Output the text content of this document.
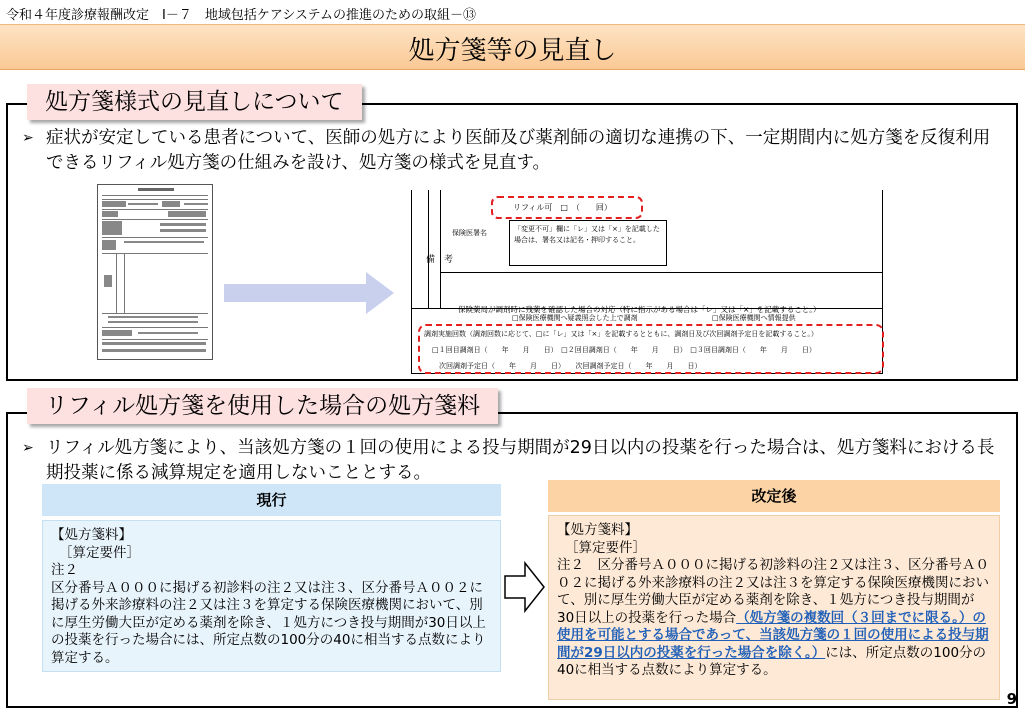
令和４年度診療報酬改定　Ⅰ－７　地域包括ケアシステムの推進のための取組－⑬
処方箋等の見直し
処方箋様式の見直しについて
➢ 症状が安定している患者について、医師の処方により医師及び薬剤師の適切な連携の下、一定期間内に処方箋を反復利用できるリフィル処方箋の仕組みを設け、処方箋の様式を見直す。
備　考
保険医署名
保険薬局が調剤時に残薬を確認した場合の対応（特に指示がある場合は「レ」又は「×」を記載すること。）
□保険医療機関へ疑義照会した上で調剤	□保険医療機関へ情報提供
リフィル可　□　（　　回）
「変更不可」欄に「レ」又は「×」を記載した場合は、署名又は記名・押印すること。
調剤実施回数（調剤回数に応じて、□に「レ」又は「×」を記載するとともに、調剤日及び次回調剤予定日を記載すること。）
□１回目調剤日（　　年　　月　　日）　□２回目調剤日（　　年　　月　　日）　□３回目調剤日（　　年　　月　　日）
　次回調剤予定日（　　年　　月　　日）　　次回調剤予定日（　　年　　月　　日）
リフィル処方箋を使用した場合の処方箋料
➢ リフィル処方箋により、当該処方箋の１回の使用による投与期間が29日以内の投薬を行った場合は、処方箋料における長期投薬に係る減算規定を適用しないこととする。
現行	改定後
【処方箋料】
［算定要件］
注２
区分番号Ａ０００に掲げる初診料の注２又は注３、区分番号Ａ００２に掲げる外来診療料の注２又は注３を算定する保険医療機関において、別に厚生労働大臣が定める薬剤を除き、１処方につき投与期間が30日以上の投薬を行った場合には、所定点数の100分の40に相当する点数により算定する。
【処方箋料】
［算定要件］
注２　区分番号Ａ０００に掲げる初診料の注２又は注３、区分番号Ａ００２に掲げる外来診療料の注２又は注３を算定する保険医療機関において、別に厚生労働大臣が定める薬剤を除き、１処方につき投与期間が30日以上の投薬を行った場合（処方箋の複数回（３回までに限る。）の使用を可能とする場合であって、当該処方箋の１回の使用による投与期間が29日以内の投薬を行った場合を除く。）には、所定点数の100分の40に相当する点数により算定する。
9
